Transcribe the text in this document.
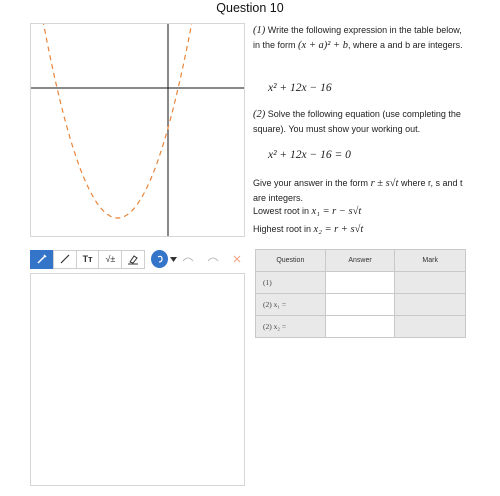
Question 10
(1) Write the following expression in the table below, in the form (x + a)² + b, where a and b are integers.
x² + 12x − 16
(2) Solve the following equation (use completing the square). You must show your working out.
x² + 12x − 16 = 0
Give your answer in the form r ± s√t where r, s and t are integers.
Lowest root in x₁ = r − s√t
Highest root in x₂ = r + s√t
Tт √±	Question	Answer	Mark
(1)		
(2) x₁ =		
(2) x₂ =		
